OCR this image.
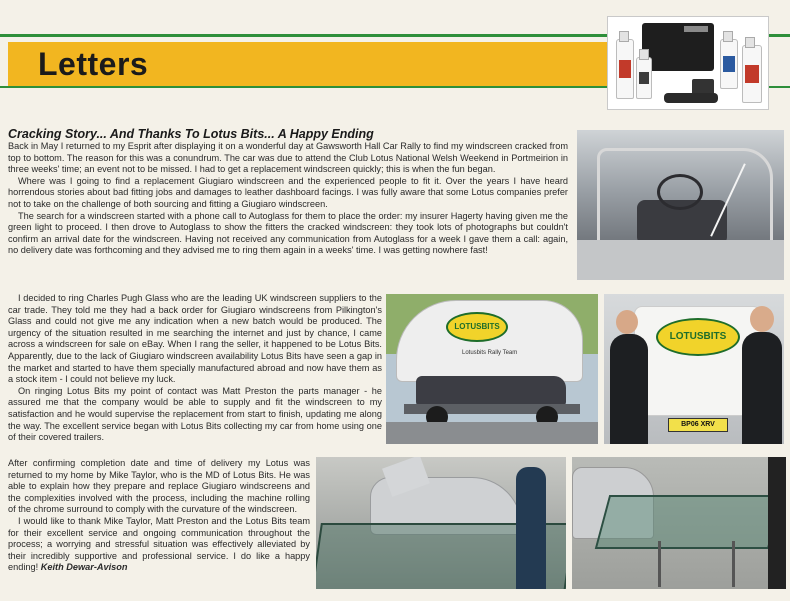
Letters
Cracking Story... And Thanks To Lotus Bits... A Happy Ending

Back in May I returned to my Esprit after displaying it on a wonderful day at Gawsworth Hall Car Rally to find my windscreen cracked from top to bottom. The reason for this was a conundrum. The car was due to attend the Club Lotus National Welsh Weekend in Portmeirion in three weeks' time; an event not to be missed. I had to get a replacement windscreen quickly; this is when the fun began.

Where was I going to find a replacement Giugiaro windscreen and the experienced people to fit it. Over the years I have heard horrendous stories about bad fitting jobs and damages to leather dashboard facings. I was fully aware that some Lotus companies prefer not to take on the challenge of both sourcing and fitting a Giugiaro windscreen.

The search for a windscreen started with a phone call to Autoglass for them to place the order: my insurer Hagerty having given me the green light to proceed. I then drove to Autoglass to show the fitters the cracked windscreen: they took lots of photographs but couldn't confirm an arrival date for the windscreen. Having not received any communication from Autoglass for a week I gave them a call: again, no delivery date was forthcoming and they advised me to ring them again in a weeks' time. I was getting nowhere fast!

I decided to ring Charles Pugh Glass who are the leading UK windscreen suppliers to the car trade. They told me they had a back order for Giugiaro windscreens from Pilkington's Glass and could not give me any indication when a new batch would be produced. The urgency of the situation resulted in me searching the internet and just by chance, I came across a windscreen for sale on eBay. When I rang the seller, it happened to be Lotus Bits. Apparently, due to the lack of Giugiaro windscreen availability Lotus Bits have seen a gap in the market and started to have them specially manufactured abroad and now have them as a stock item - I could not believe my luck.

On ringing Lotus Bits my point of contact was Matt Preston the parts manager - he assured me that the company would be able to supply and fit the windscreen to my satisfaction and he would supervise the replacement from start to finish, updating me along the way. The excellent service began with Lotus Bits collecting my car from home using one of their covered trailers.

After confirming completion date and time of delivery my Lotus was returned to my home by Mike Taylor, who is the MD of Lotus Bits. He was able to explain how they prepare and replace Giugiaro windscreens and the complexities involved with the process, including the machine rolling of the chrome surround to comply with the curvature of the windscreen.

I would like to thank Mike Taylor, Matt Preston and the Lotus Bits team for their excellent service and ongoing communication throughout the process; a worrying and stressful situation was effectively alleviated by their incredibly supportive and professional service. I do like a happy ending! Keith Dewar-Avison

LOTUSBITS
Lotusbits Rally Team
LOTUSBITS
BP06 XRV
